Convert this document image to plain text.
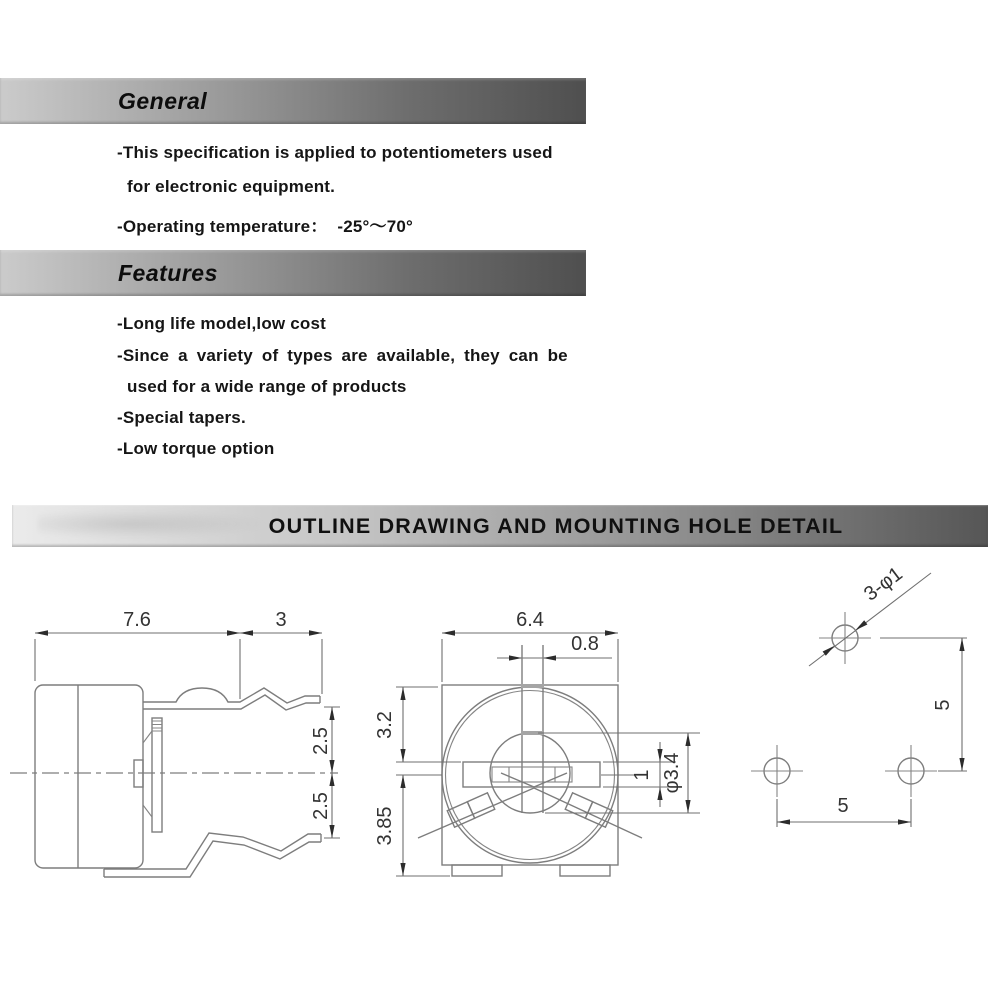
General
-This specification is applied to potentiometers used
for electronic equipment.
-Operating temperature：  -25°～70°
Features
-Long life model,low cost
-Since a variety of types are available, they can be
used for a wide range of products
-Special tapers.
-Low torque option
OUTLINE DRAWING AND MOUNTING HOLE DETAIL
7.6	3
2.5
2.5
6.4
0.8
3.2
3.85
1 φ3.4
3-φ1
5
5
